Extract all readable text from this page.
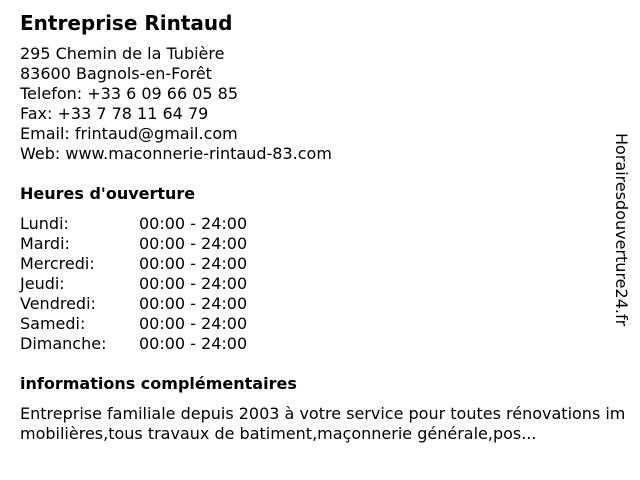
Entreprise Rintaud
295 Chemin de la Tubière
83600 Bagnols-en-Forêt
Telefon: +33 6 09 66 05 85
Fax: +33 7 78 11 64 79
Email: frintaud@gmail.com
Web: www.maconnerie-rintaud-83.com
Heures d'ouverture
Lundi:	00:00 - 24:00
Mardi:	00:00 - 24:00
Mercredi:	00:00 - 24:00
Jeudi:	00:00 - 24:00
Vendredi:	00:00 - 24:00
Samedi:	00:00 - 24:00
Dimanche: 00:00 - 24:00
informations complémentaires
Entreprise familiale depuis 2003 à votre service pour toutes rénovations immobilières,tous travaux de batiment,maçonnerie générale,pos...
Horairesdouverture24.fr
